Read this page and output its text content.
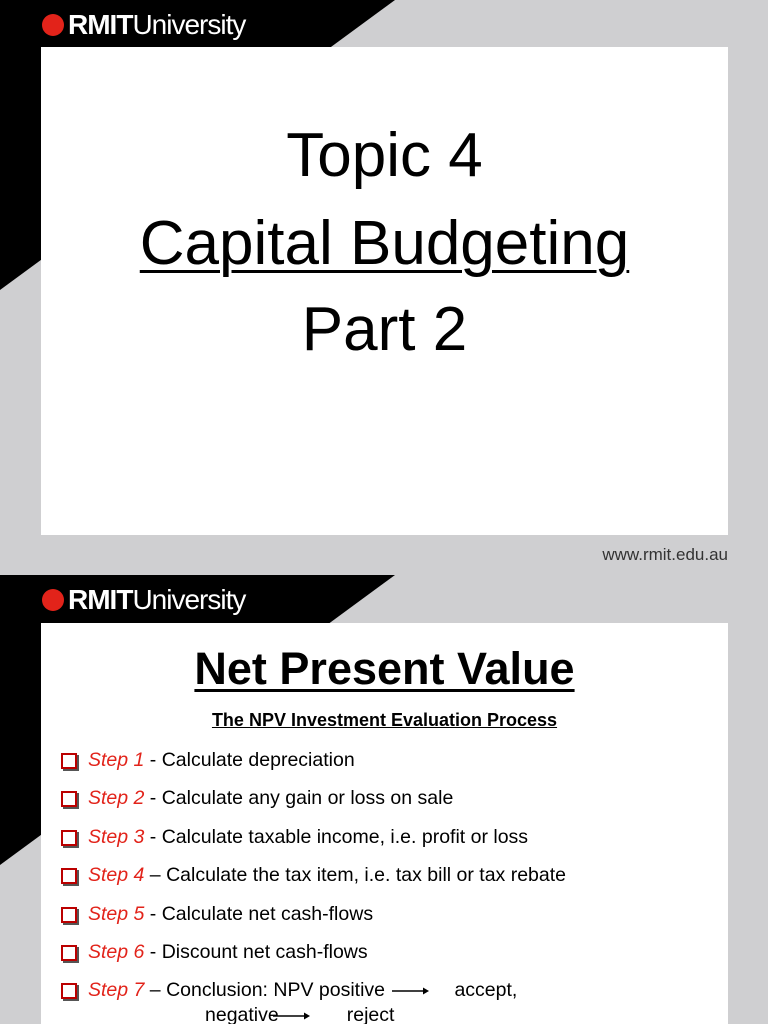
RMIT University
Topic 4
Capital Budgeting
Part 2
www.rmit.edu.au
RMIT University
Net Present Value
The NPV Investment Evaluation Process
Step 1 - Calculate depreciation
Step 2 - Calculate any gain or loss on sale
Step 3 - Calculate taxable income, i.e. profit or loss
Step 4 – Calculate the tax item, i.e. tax bill or tax rebate
Step 5 - Calculate net cash-flows
Step 6 - Discount net cash-flows
Step 7 – Conclusion: NPV positive	accept,
negative	reject
